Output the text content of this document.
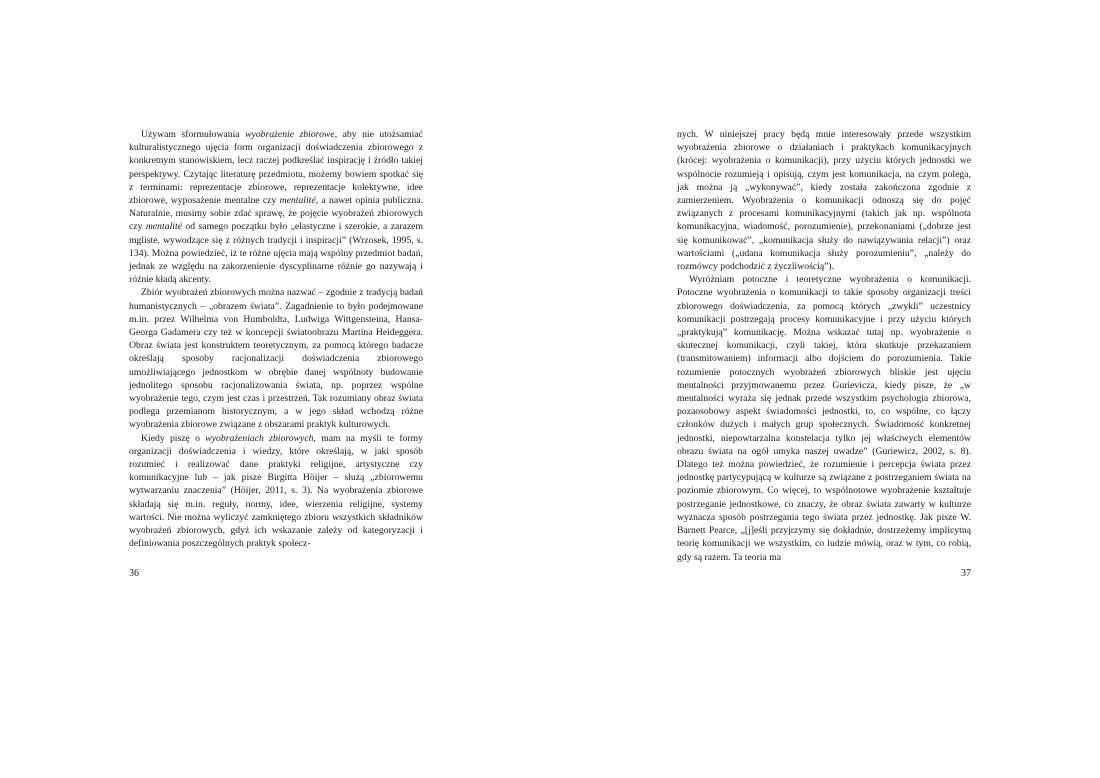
Używam sformułowania wyobrażenie zbiorowe, aby nie utożsamiać kulturalistycznego ujęcia form organizacji doświadczenia zbiorowego z konkretnym stanowiskiem, lecz raczej podkreślać inspirację i źródło takiej perspektywy. Czytając literaturę przedmiotu, możemy bowiem spotkać się z terminami: reprezentacje zbiorowe, reprezentacje kolektywne, idee zbiorowe, wyposażenie mentalne czy mentalité, a nawet opinia publiczna. Naturalnie, musimy sobie zdać sprawę, że pojęcie wyobrażeń zbiorowych czy mentalité od samego początku było „elastyczne i szerokie, a zarazem mgliste, wywodzące się z różnych tradycji i inspiracji” (Wrzosek, 1995, s. 134). Można powiedzieć, iż te różne ujęcia mają wspólny przedmiot badań, jednak ze względu na zakorzenienie dyscyplinarne różnie go nazywają i różnie kładą akcenty.

Zbiór wyobrażeń zbiorowych można nazwać – zgodnie z tradycją badań humanistycznych – „obrazem świata”. Zagadnienie to było podejmowane m.in. przez Wilhelma von Humboldta, Ludwiga Wittgensteina, Hansa-Georga Gadamera czy też w koncepcji światoobrazu Martina Heideggera. Obraz świata jest konstruktem teoretycznym, za pomocą którego badacze określają sposoby racjonalizacji doświadczenia zbiorowego umożliwiającego jednostkom w obrębie danej wspólnoty budowanie jednolitego sposobu racjonalizowania świata, np. poprzez wspólne wyobrażenie tego, czym jest czas i przestrzeń. Tak rozumiany obraz świata podlega przemianom historycznym, a w jego skład wchodzą różne wyobrażenia zbiorowe związane z obszarami praktyk kulturowych.

Kiedy piszę o wyobrażeniach zbiorowych, mam na myśli te formy organizacji doświadczenia i wiedzy, które określają, w jaki sposób rozumieć i realizować dane praktyki religijne, artystyczne czy komunikacyjne lub – jak pisze Birgitta Höijer – służą „zbiorowemu wytwarzaniu znaczenia” (Höijer, 2011, s. 3). Na wyobrażenia zbiorowe składają się m.in. reguły, normy, idee, wierzenia religijne, systemy wartości. Nie można wyliczyć zamkniętego zbioru wszystkich składników wyobrażeń zbiorowych, gdyż ich wskazanie zależy od kategoryzacji i definiowania poszczególnych praktyk społecz-

36

nych. W niniejszej pracy będą mnie interesowały przede wszystkim wyobrażenia zbiorowe o działaniach i praktykach komunikacyjnych (krócej: wyobrażenia o komunikacji), przy użyciu których jednostki we wspólnocie rozumieją i opisują, czym jest komunikacja, na czym polega, jak można ją „wykonywać”, kiedy została zakończona zgodnie z zamierzeniem. Wyobrażenia o komunikacji odnoszą się do pojęć związanych z procesami komunikacyjnymi (takich jak np. wspólnota komunikacyjna, wiadomość, porozumienie), przekonaniami („dobrze jest się komunikować”, „komunikacja służy do nawiązywania relacji”) oraz wartościami („udana komunikacja służy porozumieniu”, „należy do rozmówcy podchodzić z życzliwością”).

Wyróżniam potoczne i teoretyczne wyobrażenia o komunikacji. Potoczne wyobrażenia o komunikacji to takie sposoby organizacji treści zbiorowego doświadczenia, za pomocą których „zwykli” uczestnicy komunikacji postrzegają procesy komunikacyjne i przy użyciu których „praktykują” komunikację. Można wskazać tutaj np. wyobrażenie o skutecznej komunikacji, czyli takiej, która skutkuje przekazaniem (transmitowaniem) informacji albo dojściem do porozumienia. Takie rozumienie potocznych wyobrażeń zbiorowych bliskie jest ujęciu mentalności przyjmowanemu przez Gurievicza, kiedy pisze, że „w mentalności wyraża się jednak przede wszystkim psychologia zbiorowa, pozaosobowy aspekt świadomości jednostki, to, co wspólne, co łączy członków dużych i małych grup społecznych. Świadomość konkretnej jednostki, niepowtarzalna konstelacja tylko jej właściwych elementów obrazu świata na ogół umyka naszej uwadze” (Guriewicz, 2002, s. 8). Dlatego też można powiedzieć, że rozumienie i percepcja świata przez jednostkę partycypującą w kulturze są związane z postrzeganiem świata na poziomie zbiorowym. Co więcej, to wspólnotowe wyobrażenie kształtuje postrzeganie jednostkowe, co znaczy, że obraz świata zawarty w kulturze wyznacza sposób postrzegania tego świata przez jednostkę. Jak pisze W. Barnett Pearce, „[j]eśli przyjrzymy się dokładnie, dostrzeżemy implicytną teorię komunikacji we wszystkim, co ludzie mówią, oraz w tym, co robią, gdy są razem. Ta teoria ma

37
